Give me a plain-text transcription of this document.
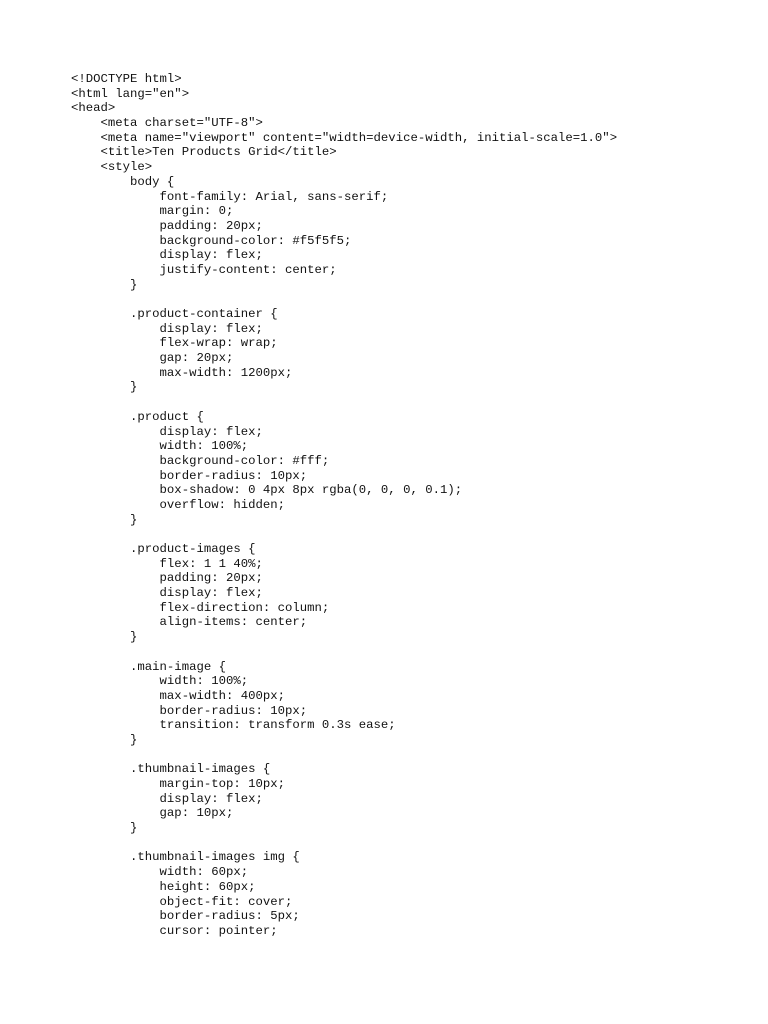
<!DOCTYPE html>
<html lang="en">
<head>
<meta charset="UTF-8">
<meta name="viewport" content="width=device-width, initial-scale=1.0">
<title>Ten Products Grid</title>
<style>
body {
font-family: Arial, sans-serif;
margin: 0;
padding: 20px;
background-color: #f5f5f5;
display: flex;
justify-content: center;
}
.product-container {
display: flex;
flex-wrap: wrap;
gap: 20px;
max-width: 1200px;
}
.product {
display: flex;
width: 100%;
background-color: #fff;
border-radius: 10px;
box-shadow: 0 4px 8px rgba(0, 0, 0, 0.1);
overflow: hidden;
}
.product-images {
flex: 1 1 40%;
padding: 20px;
display: flex;
flex-direction: column;
align-items: center;
}
.main-image {
width: 100%;
max-width: 400px;
border-radius: 10px;
transition: transform 0.3s ease;
}
.thumbnail-images {
margin-top: 10px;
display: flex;
gap: 10px;
}
.thumbnail-images img {
width: 60px;
height: 60px;
object-fit: cover;
border-radius: 5px;
cursor: pointer;
